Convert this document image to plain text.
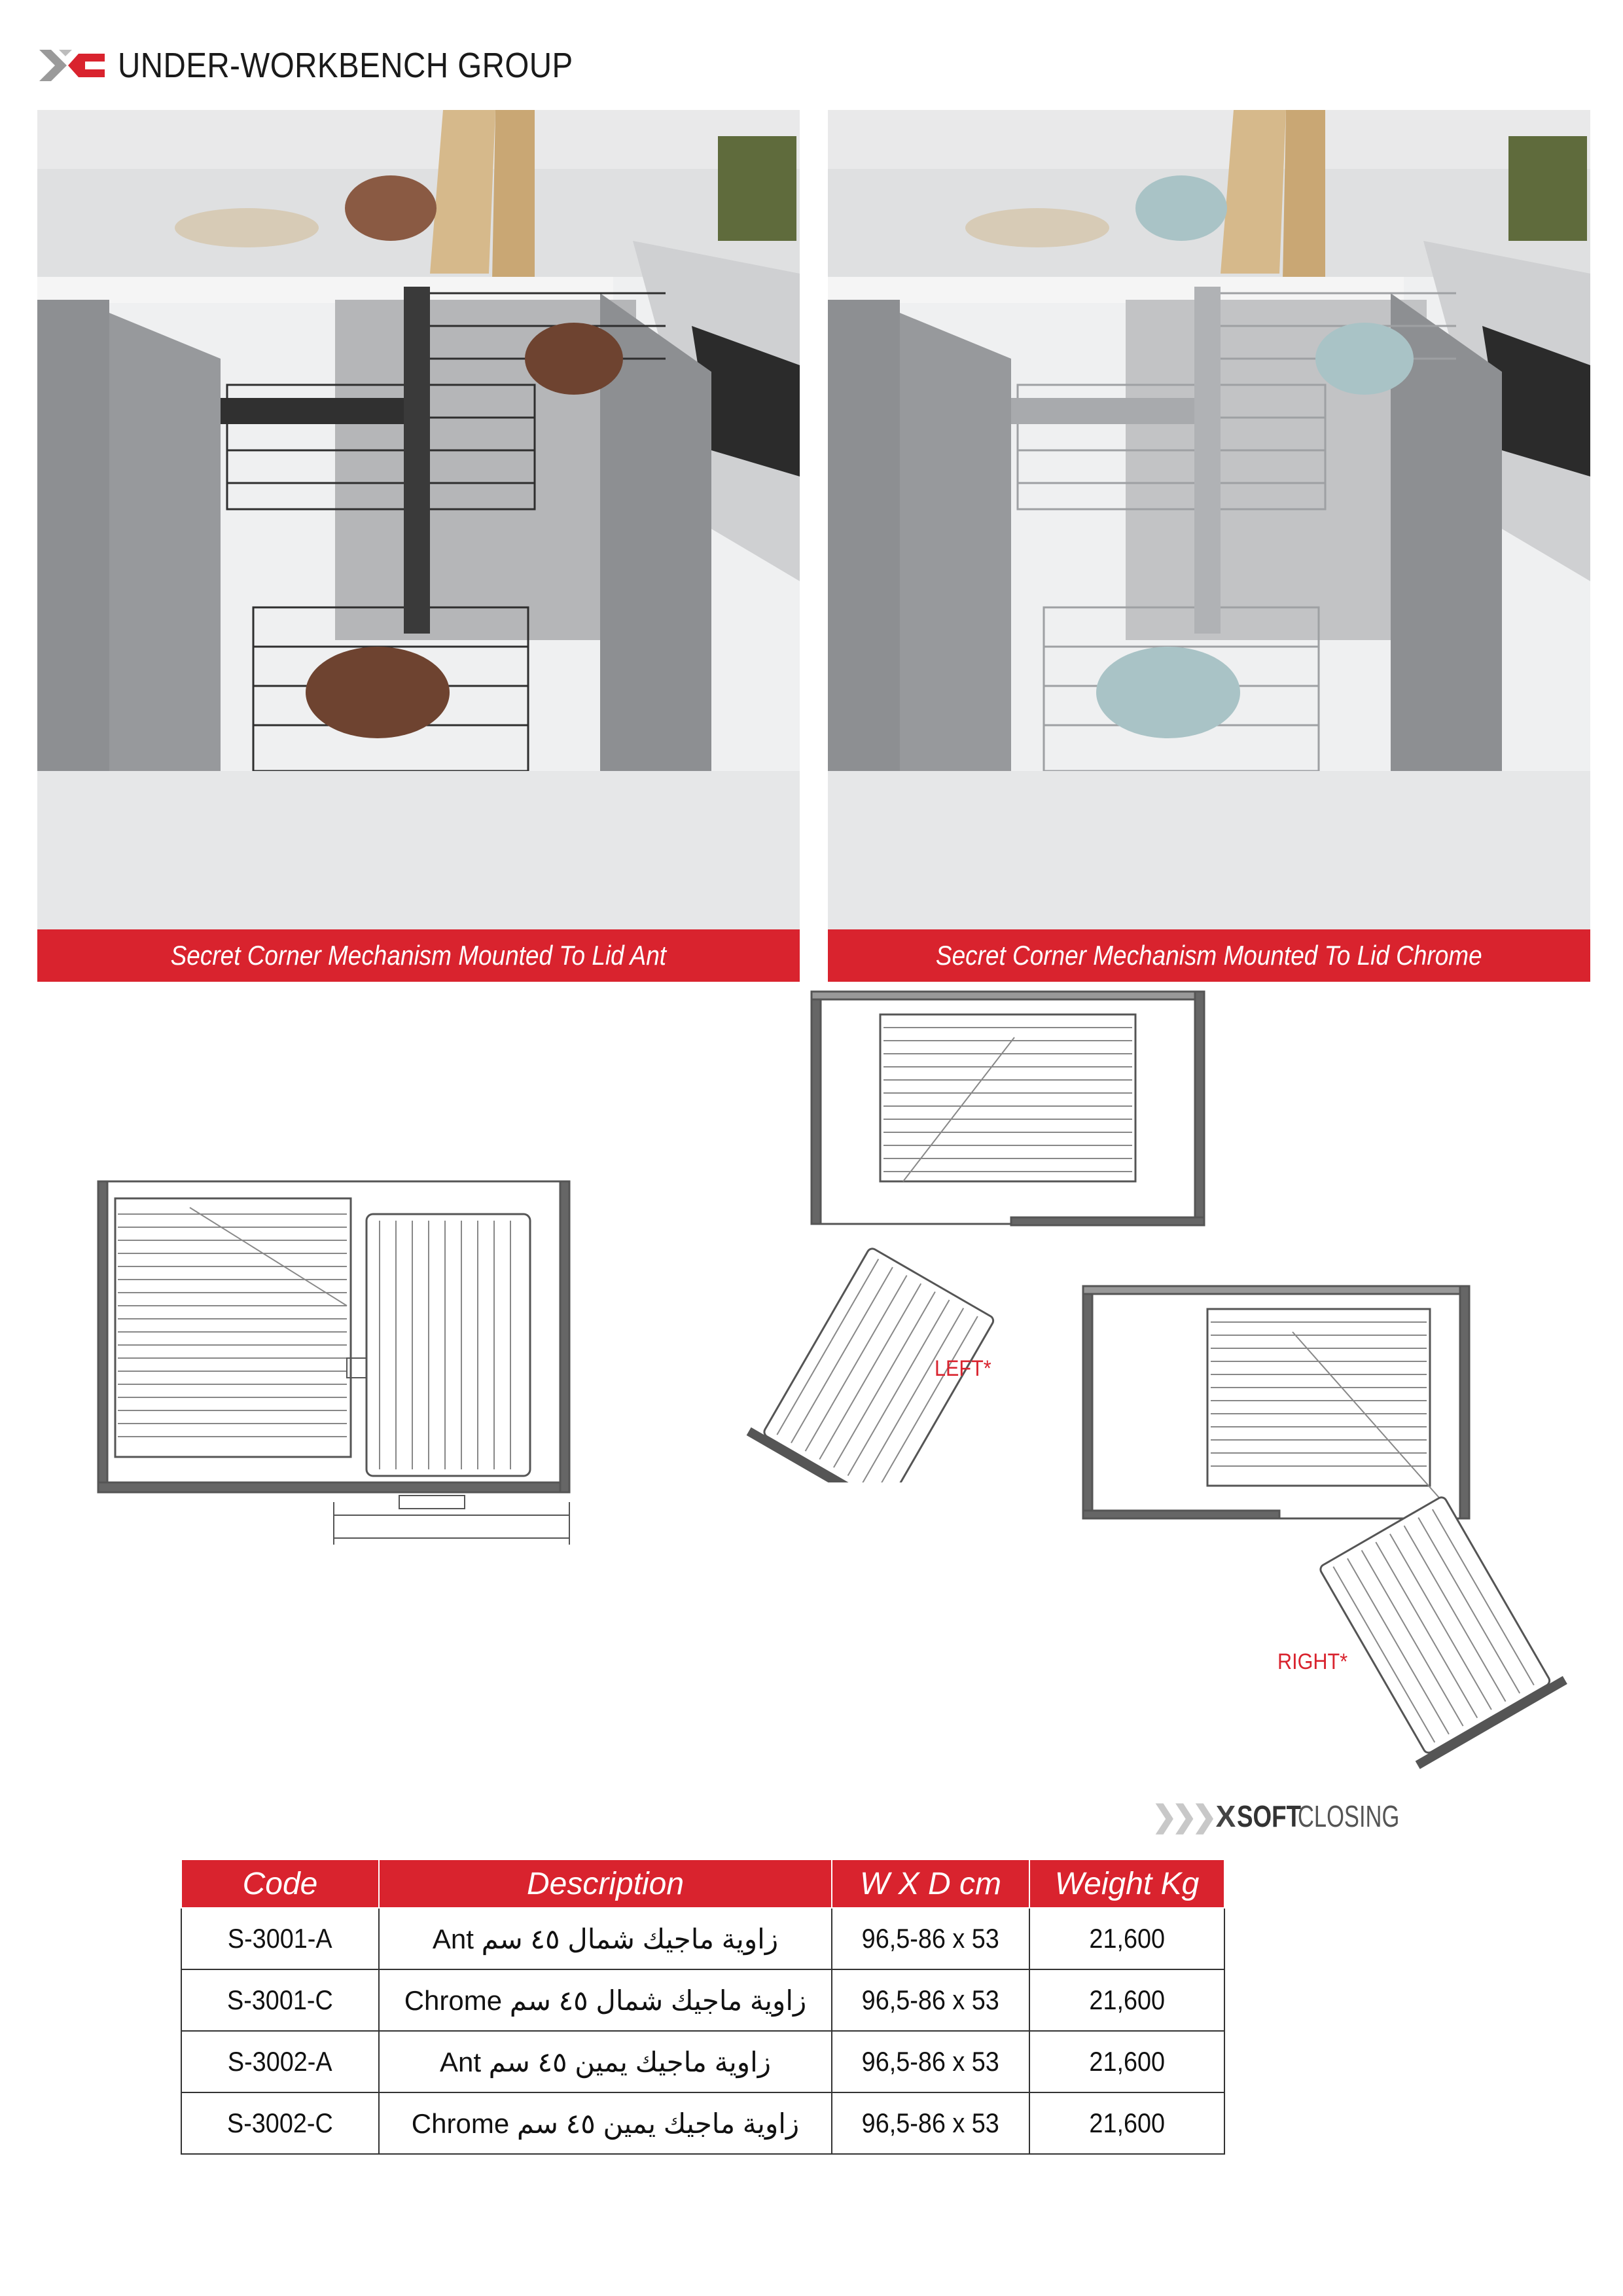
UNDER-WORKBENCH GROUP
Secret Corner Mechanism Mounted To Lid Ant	Secret Corner Mechanism Mounted To Lid Chrome
LEFT*
RIGHT*
❯❯❯ X SOFT
CLOSING
Code	Description	W X D cm	Weight Kg
S-3001-A	زاوية ماجيك شمال ٤٥ سم Ant	96,5-86 x 53	21,600
S-3001-C	زاوية ماجيك شمال ٤٥ سم Chrome	96,5-86 x 53	21,600
S-3002-A	زاوية ماجيك يمين ٤٥ سم Ant	96,5-86 x 53	21,600
S-3002-C	زاوية ماجيك يمين ٤٥ سم Chrome	96,5-86 x 53	21,600
